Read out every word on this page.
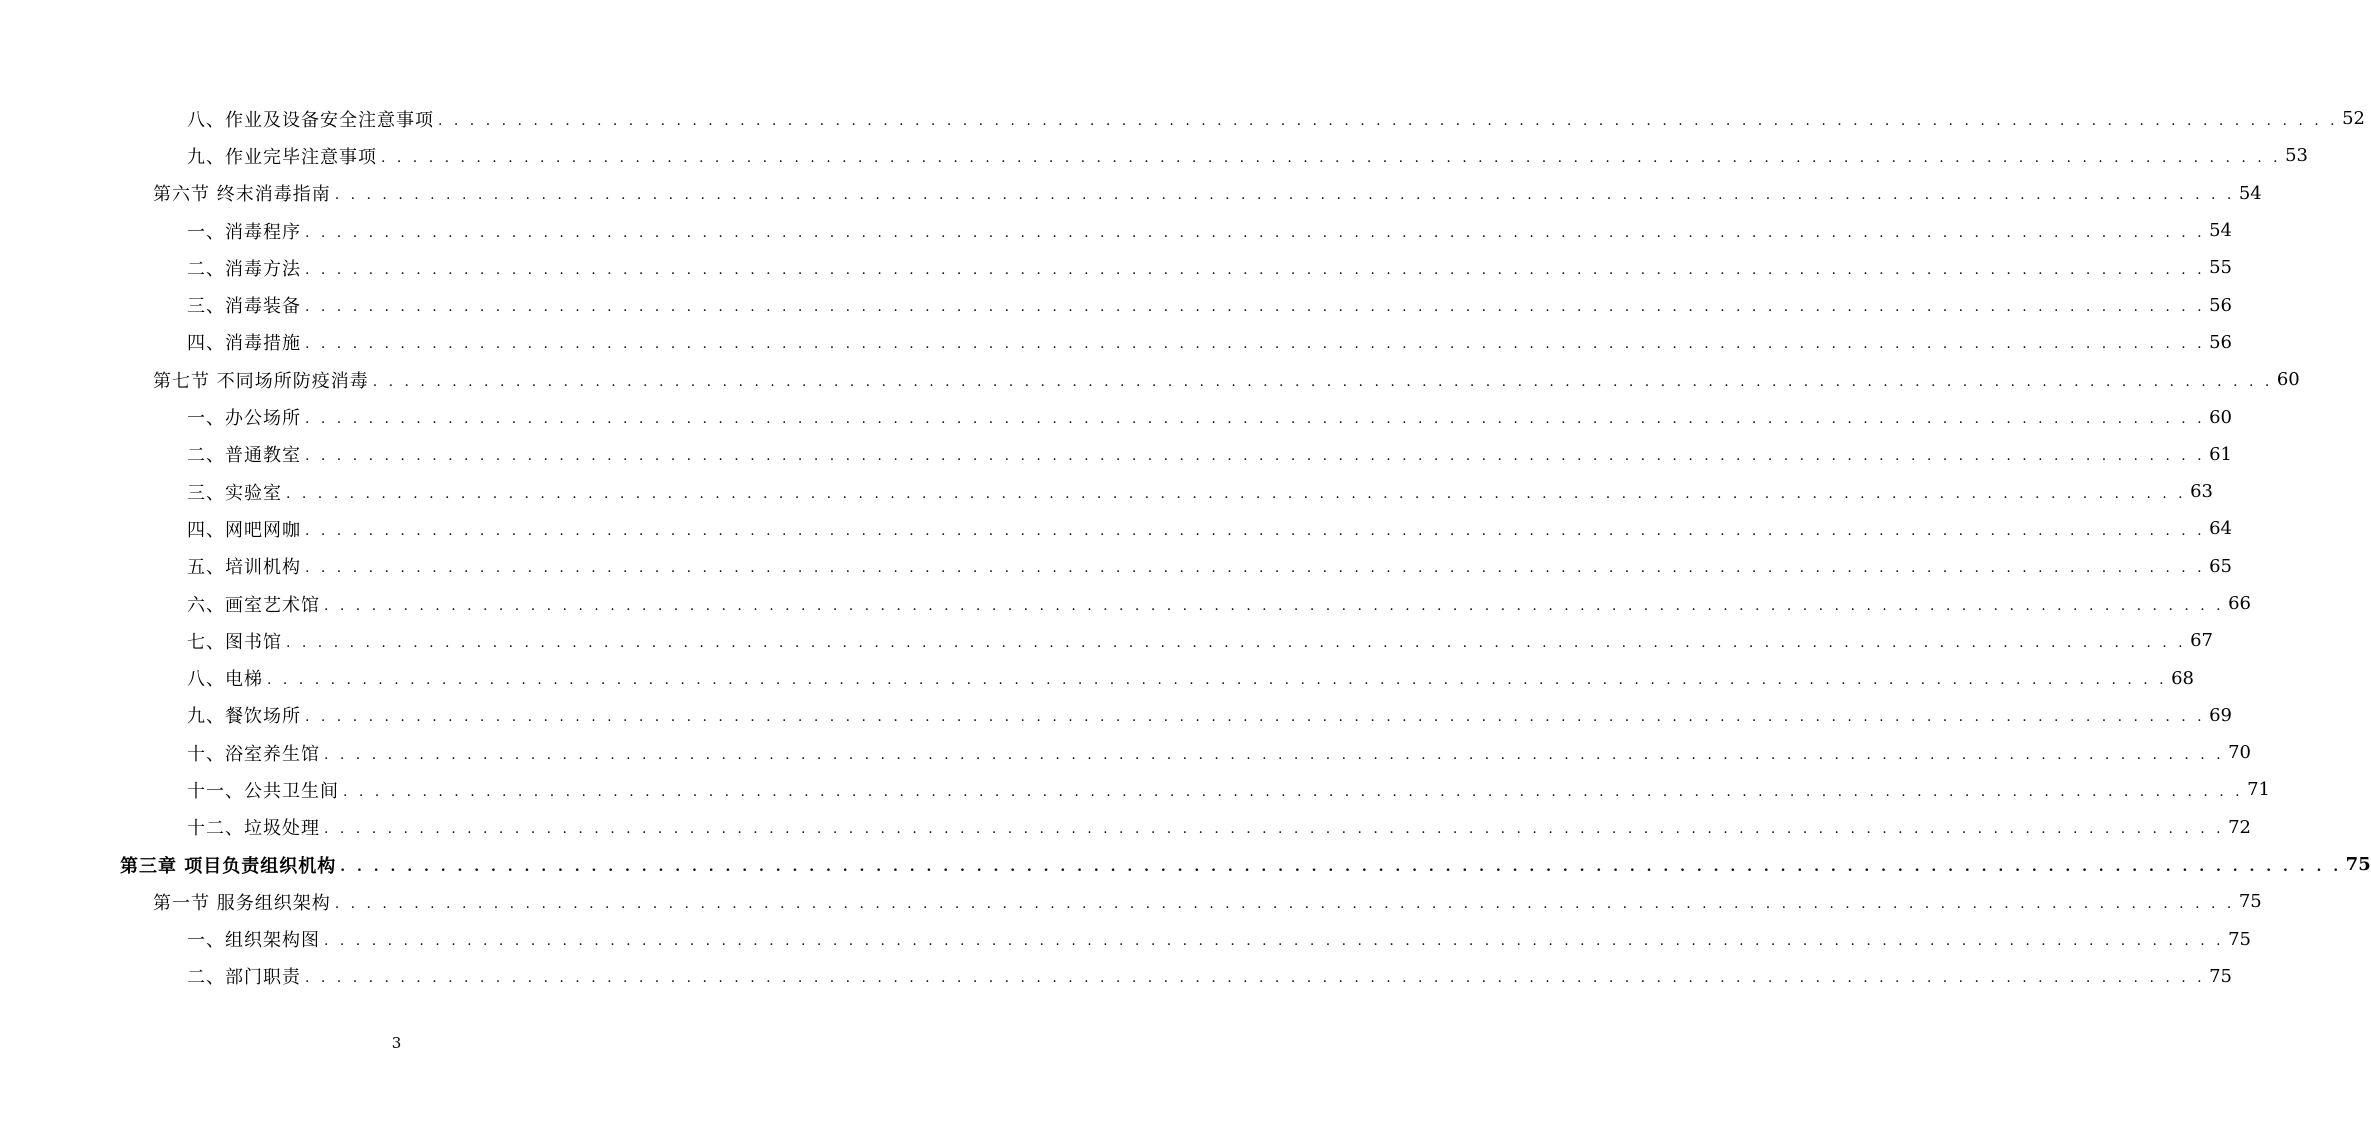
八、作业及设备安全注意事项 . . . . . . . . . . . . . . . . . . . . . . . . . . . . . . . . . . . . . . . . . . . . . . . . . . . . . . . . . . . . . . . . . . . . . . . . . . . . . . . . . . . . . . . . . . . . . . . . . . . . . . . . . . . . . . . . . . . . . . . . 52
九、作业完毕注意事项 . . . . . . . . . . . . . . . . . . . . . . . . . . . . . . . . . . . . . . . . . . . . . . . . . . . . . . . . . . . . . . . . . . . . . . . . . . . . . . . . . . . . . . . . . . . . . . . . . . . . . . . . . . . . . . . . . . . . . . . . 53
第六节 终末消毒指南 . . . . . . . . . . . . . . . . . . . . . . . . . . . . . . . . . . . . . . . . . . . . . . . . . . . . . . . . . . . . . . . . . . . . . . . . . . . . . . . . . . . . . . . . . . . . . . . . . . . . . . . . . . . . . . . . . . . . . . . . 54
一、消毒程序 . . . . . . . . . . . . . . . . . . . . . . . . . . . . . . . . . . . . . . . . . . . . . . . . . . . . . . . . . . . . . . . . . . . . . . . . . . . . . . . . . . . . . . . . . . . . . . . . . . . . . . . . . . . . . . . . . . . . . . . . 54
二、消毒方法 . . . . . . . . . . . . . . . . . . . . . . . . . . . . . . . . . . . . . . . . . . . . . . . . . . . . . . . . . . . . . . . . . . . . . . . . . . . . . . . . . . . . . . . . . . . . . . . . . . . . . . . . . . . . . . . . . . . . . . . . 55
三、消毒装备 . . . . . . . . . . . . . . . . . . . . . . . . . . . . . . . . . . . . . . . . . . . . . . . . . . . . . . . . . . . . . . . . . . . . . . . . . . . . . . . . . . . . . . . . . . . . . . . . . . . . . . . . . . . . . . . . . . . . . . . . 56
四、消毒措施 . . . . . . . . . . . . . . . . . . . . . . . . . . . . . . . . . . . . . . . . . . . . . . . . . . . . . . . . . . . . . . . . . . . . . . . . . . . . . . . . . . . . . . . . . . . . . . . . . . . . . . . . . . . . . . . . . . . . . . . . 56
第七节 不同场所防疫消毒 . . . . . . . . . . . . . . . . . . . . . . . . . . . . . . . . . . . . . . . . . . . . . . . . . . . . . . . . . . . . . . . . . . . . . . . . . . . . . . . . . . . . . . . . . . . . . . . . . . . . . . . . . . . . . . . . . . . . . . . . 60
一、办公场所 . . . . . . . . . . . . . . . . . . . . . . . . . . . . . . . . . . . . . . . . . . . . . . . . . . . . . . . . . . . . . . . . . . . . . . . . . . . . . . . . . . . . . . . . . . . . . . . . . . . . . . . . . . . . . . . . . . . . . . . . 60
二、普通教室 . . . . . . . . . . . . . . . . . . . . . . . . . . . . . . . . . . . . . . . . . . . . . . . . . . . . . . . . . . . . . . . . . . . . . . . . . . . . . . . . . . . . . . . . . . . . . . . . . . . . . . . . . . . . . . . . . . . . . . . . 61
三、实验室 . . . . . . . . . . . . . . . . . . . . . . . . . . . . . . . . . . . . . . . . . . . . . . . . . . . . . . . . . . . . . . . . . . . . . . . . . . . . . . . . . . . . . . . . . . . . . . . . . . . . . . . . . . . . . . . . . . . . . . . . 63
四、网吧网咖 . . . . . . . . . . . . . . . . . . . . . . . . . . . . . . . . . . . . . . . . . . . . . . . . . . . . . . . . . . . . . . . . . . . . . . . . . . . . . . . . . . . . . . . . . . . . . . . . . . . . . . . . . . . . . . . . . . . . . . . . 64
五、培训机构 . . . . . . . . . . . . . . . . . . . . . . . . . . . . . . . . . . . . . . . . . . . . . . . . . . . . . . . . . . . . . . . . . . . . . . . . . . . . . . . . . . . . . . . . . . . . . . . . . . . . . . . . . . . . . . . . . . . . . . . . 65
六、画室艺术馆 . . . . . . . . . . . . . . . . . . . . . . . . . . . . . . . . . . . . . . . . . . . . . . . . . . . . . . . . . . . . . . . . . . . . . . . . . . . . . . . . . . . . . . . . . . . . . . . . . . . . . . . . . . . . . . . . . . . . . . . . 66
七、图书馆 . . . . . . . . . . . . . . . . . . . . . . . . . . . . . . . . . . . . . . . . . . . . . . . . . . . . . . . . . . . . . . . . . . . . . . . . . . . . . . . . . . . . . . . . . . . . . . . . . . . . . . . . . . . . . . . . . . . . . . . . 67
八、电梯 . . . . . . . . . . . . . . . . . . . . . . . . . . . . . . . . . . . . . . . . . . . . . . . . . . . . . . . . . . . . . . . . . . . . . . . . . . . . . . . . . . . . . . . . . . . . . . . . . . . . . . . . . . . . . . . . . . . . . . . . 68
九、餐饮场所 . . . . . . . . . . . . . . . . . . . . . . . . . . . . . . . . . . . . . . . . . . . . . . . . . . . . . . . . . . . . . . . . . . . . . . . . . . . . . . . . . . . . . . . . . . . . . . . . . . . . . . . . . . . . . . . . . . . . . . . . 69
十、浴室养生馆 . . . . . . . . . . . . . . . . . . . . . . . . . . . . . . . . . . . . . . . . . . . . . . . . . . . . . . . . . . . . . . . . . . . . . . . . . . . . . . . . . . . . . . . . . . . . . . . . . . . . . . . . . . . . . . . . . . . . . . . . 70
十一、公共卫生间 . . . . . . . . . . . . . . . . . . . . . . . . . . . . . . . . . . . . . . . . . . . . . . . . . . . . . . . . . . . . . . . . . . . . . . . . . . . . . . . . . . . . . . . . . . . . . . . . . . . . . . . . . . . . . . . . . . . . . . . . 71
十二、垃圾处理 . . . . . . . . . . . . . . . . . . . . . . . . . . . . . . . . . . . . . . . . . . . . . . . . . . . . . . . . . . . . . . . . . . . . . . . . . . . . . . . . . . . . . . . . . . . . . . . . . . . . . . . . . . . . . . . . . . . . . . . . 72
第三章 项目负责组织机构 . . . . . . . . . . . . . . . . . . . . . . . . . . . . . . . . . . . . . . . . . . . . . . . . . . . . . . . . . . . . . . . . . . . . . . . . . . . . . . . . . . . . . . . . . . . . . . . . . . . . . . . . . . . . . . . . . . . . . . . . 75
第一节 服务组织架构 . . . . . . . . . . . . . . . . . . . . . . . . . . . . . . . . . . . . . . . . . . . . . . . . . . . . . . . . . . . . . . . . . . . . . . . . . . . . . . . . . . . . . . . . . . . . . . . . . . . . . . . . . . . . . . . . . . . . . . . . 75
一、组织架构图 . . . . . . . . . . . . . . . . . . . . . . . . . . . . . . . . . . . . . . . . . . . . . . . . . . . . . . . . . . . . . . . . . . . . . . . . . . . . . . . . . . . . . . . . . . . . . . . . . . . . . . . . . . . . . . . . . . . . . . . . 75
二、部门职责 . . . . . . . . . . . . . . . . . . . . . . . . . . . . . . . . . . . . . . . . . . . . . . . . . . . . . . . . . . . . . . . . . . . . . . . . . . . . . . . . . . . . . . . . . . . . . . . . . . . . . . . . . . . . . . . . . . . . . . . . 75
3
